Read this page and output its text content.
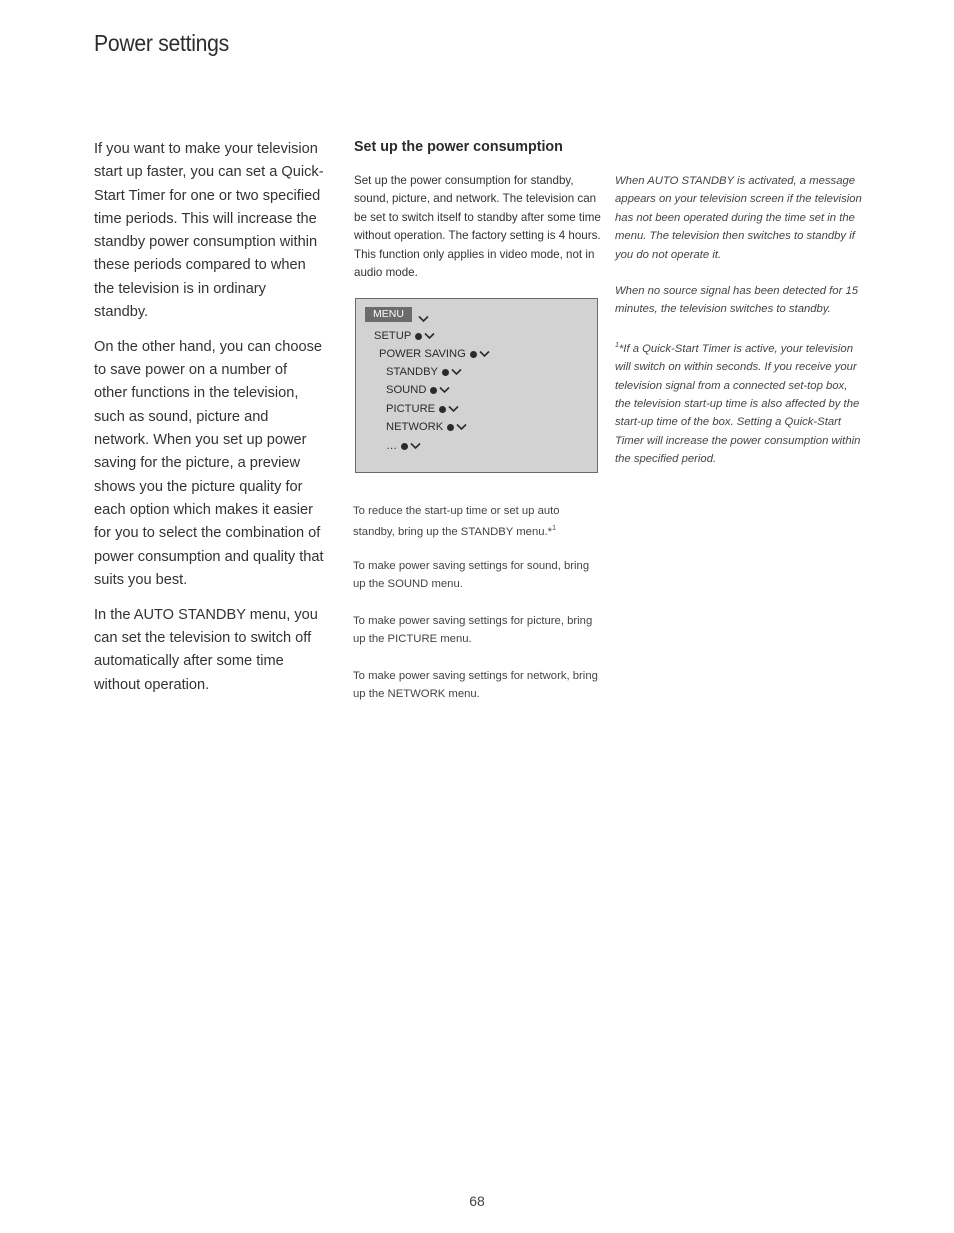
Power settings

If you want to make your television start up faster, you can set a Quick-Start Timer for one or two specified time periods. This will increase the standby power consumption within these periods compared to when the television is in ordinary standby.

On the other hand, you can choose to save power on a number of other functions in the television, such as sound, picture and network. When you set up power saving for the picture, a preview shows you the picture quality for each option which makes it easier for you to select the combination of power consumption and quality that suits you best.

In the AUTO STANDBY menu, you can set the television to switch off automatically after some time without operation.

Set up the power consumption
Set up the power consumption for standby, sound, picture, and network. The television can be set to switch itself to standby after some time without operation. The factory setting is 4 hours. This function only applies in video mode, not in audio mode.
MENU
SETUP
POWER SAVING
STANDBY
SOUND
PICTURE
NETWORK
…
To reduce the start-up time or set up auto standby, bring up the STANDBY menu.*$^1$
To make power saving settings for sound, bring up the SOUND menu.
To make power saving settings for picture, bring up the PICTURE menu.
To make power saving settings for network, bring up the NETWORK menu.
When AUTO STANDBY is activated, a message appears on your television screen if the television has not been operated during the time set in the menu. The television then switches to standby if you do not operate it.
When no source signal has been detected for 15 minutes, the television switches to standby.
$^1$*If a Quick-Start Timer is active, your television will switch on within seconds. If you receive your television signal from a connected set-top box, the television start-up time is also affected by the start-up time of the box. Setting a Quick-Start Timer will increase the power consumption within the specified period.
68
